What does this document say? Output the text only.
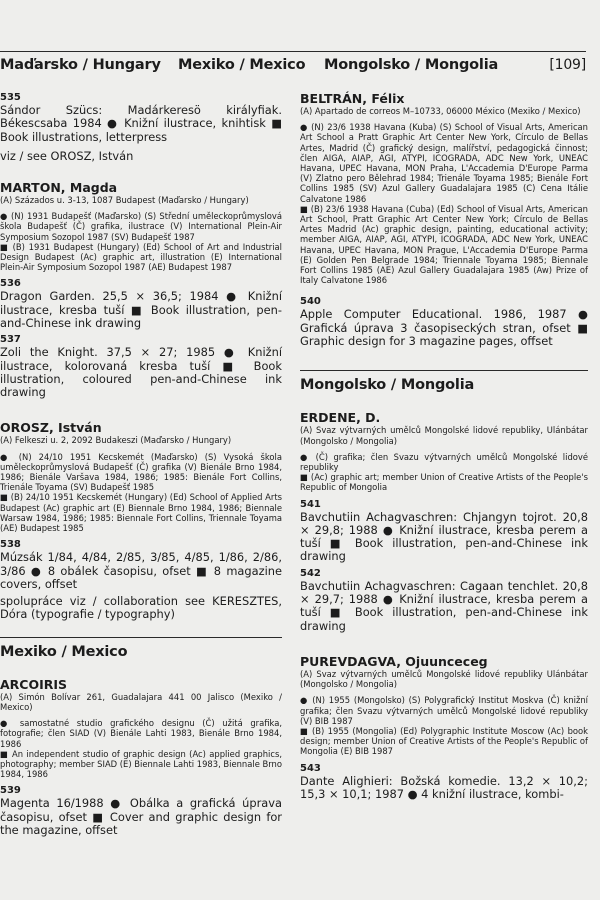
Maďarsko / Hungary	Mexiko / Mexico	Mongolsko / Mongolia	[109]

535

Sándor Szücs: Madárkeresö királyfiak. Békescsaba 1984 ● Knižní ilustrace, knihtisk ■ Book illustrations, letterpress

viz / see OROSZ, István

MARTON, Magda

(A) Százados u. 3-13, 1087 Budapest (Maďarsko / Hungary)

● (N) 1931 Budapešť (Maďarsko) (S) Střední uměleckoprůmyslová škola Budapešť (Č) grafika, ilustrace (V) International Plein-Air Symposium Sozopol 1987 (SV) Budapešť 1987

■ (B) 1931 Budapest (Hungary) (Ed) School of Art and Industrial Design Budapest (Ac) graphic art, illustration (E) International Plein-Air Symposium Sozopol 1987 (AE) Budapest 1987

536

Dragon Garden. 25,5 × 36,5; 1984 ● Knižní ilustrace, kresba tuší ■ Book illustration, pen-and-Chinese ink drawing

537

Zoli the Knight. 37,5 × 27; 1985 ● Knižní ilustrace, kolorovaná kresba tuší ■ Book illustration, coloured pen-and-Chinese ink drawing

OROSZ, István

(A) Felkeszi u. 2, 2092 Budakeszi (Maďarsko / Hungary)

● (N) 24/10 1951 Kecskemét (Maďarsko) (S) Vysoká škola uměleckoprůmyslová Budapešť (Č) grafika (V) Bienále Brno 1984, 1986; Bienále Varšava 1984, 1986; 1985: Bienále Fort Collins, Trienále Toyama (SV) Budapešť 1985

■ (B) 24/10 1951 Kecskemét (Hungary) (Ed) School of Applied Arts Budapest (Ac) graphic art (E) Biennale Brno 1984, 1986; Biennale Warsaw 1984, 1986; 1985: Biennale Fort Collins, Triennale Toyama (AE) Budapest 1985

538

Múzsák 1/84, 4/84, 2/85, 3/85, 4/85, 1/86, 2/86, 3/86 ● 8 obálek časopisu, ofset ■ 8 magazine covers, offset

spolupráce viz / collaboration see KERESZTES, Dóra (typografie / typography)

Mexiko / Mexico

ARCOIRIS

(A) Simón Bolívar 261, Guadalajara 441 00 Jalisco (Mexiko / Mexico)

● samostatné studio grafického designu (Č) užitá grafika, fotografie; člen SIAD (V) Bienále Lahti 1983, Bienále Brno 1984, 1986

■ An independent studio of graphic design (Ac) applied graphics, photography; member SIAD (E) Biennale Lahti 1983, Biennale Brno 1984, 1986

539

Magenta 16/1988 ● Obálka a grafická úprava časopisu, ofset ■ Cover and graphic design for the magazine, offset

BELTRÁN, Félix

(A) Apartado de correos M–10733, 06000 México (Mexiko / Mexico)

● (N) 23/6 1938 Havana (Kuba) (S) School of Visual Arts, American Art School a Pratt Graphic Art Center New York, Círculo de Bellas Artes, Madrid (Č) grafický design, malířství, pedagogická činnost; člen AIGA, AIAP, AGI, ATYPI, ICOGRADA, ADC New York, UNEAC Havana, UPEC Havana, MON Praha, L'Accademia D'Europe Parma (V) Zlatno pero Bělehrad 1984; Trienále Toyama 1985; Bienále Fort Collins 1985 (SV) Azul Gallery Guadalajara 1985 (C) Cena Itálie Calvatone 1986

■ (B) 23/6 1938 Havana (Cuba) (Ed) School of Visual Arts, American Art School, Pratt Graphic Art Center New York; Círculo de Bellas Artes Madrid (Ac) graphic design, painting, educational activity; member AIGA, AIAP, AGI, ATYPI, ICOGRADA, ADC New York, UNEAC Havana, UPEC Havana, MON Prague, L'Accademia D'Europe Parma (E) Golden Pen Belgrade 1984; Triennale Toyama 1985; Biennale Fort Collins 1985 (AE) Azul Gallery Guadalajara 1985 (Aw) Prize of Italy Calvatone 1986

540

Apple Computer Educational. 1986, 1987 ● Grafická úprava 3 časopiseckých stran, ofset ■ Graphic design for 3 magazine pages, offset

Mongolsko / Mongolia

ERDENE, D.

(A) Svaz výtvarných umělců Mongolské lidové republiky, Ulánbátar (Mongolsko / Mongolia)

● (Č) grafika; člen Svazu výtvarných umělců Mongolské lidové republiky

■ (Ac) graphic art; member Union of Creative Artists of the People's Republic of Mongolia

541

Bavchutiin Achagvaschren: Chjangyn tojrot. 20,8 × 29,8; 1988 ● Knižní ilustrace, kresba perem a tuší ■ Book illustration, pen-and-Chinese ink drawing

542

Bavchutiin Achagvaschren: Cagaan tenchlet. 20,8 × 29,7; 1988 ● Knižní ilustrace, kresba perem a tuší ■ Book illustration, pen-and-Chinese ink drawing

PUREVDAGVA, Ojuunceceg

(A) Svaz výtvarných umělců Mongolské lidové republiky Ulánbátar (Mongolsko / Mongolia)

● (N) 1955 (Mongolsko) (S) Polygrafický Institut Moskva (Č) knižní grafika; člen Svazu výtvarných umělců Mongolské lidové republiky (V) BIB 1987

■ (B) 1955 (Mongolia) (Ed) Polygraphic Institute Moscow (Ac) book design; member Union of Creative Artists of the People's Republic of Mongolia (E) BIB 1987

543

Dante Alighieri: Božská komedie. 13,2 × 10,2; 15,3 × 10,1; 1987 ● 4 knižní ilustrace, kombi-
